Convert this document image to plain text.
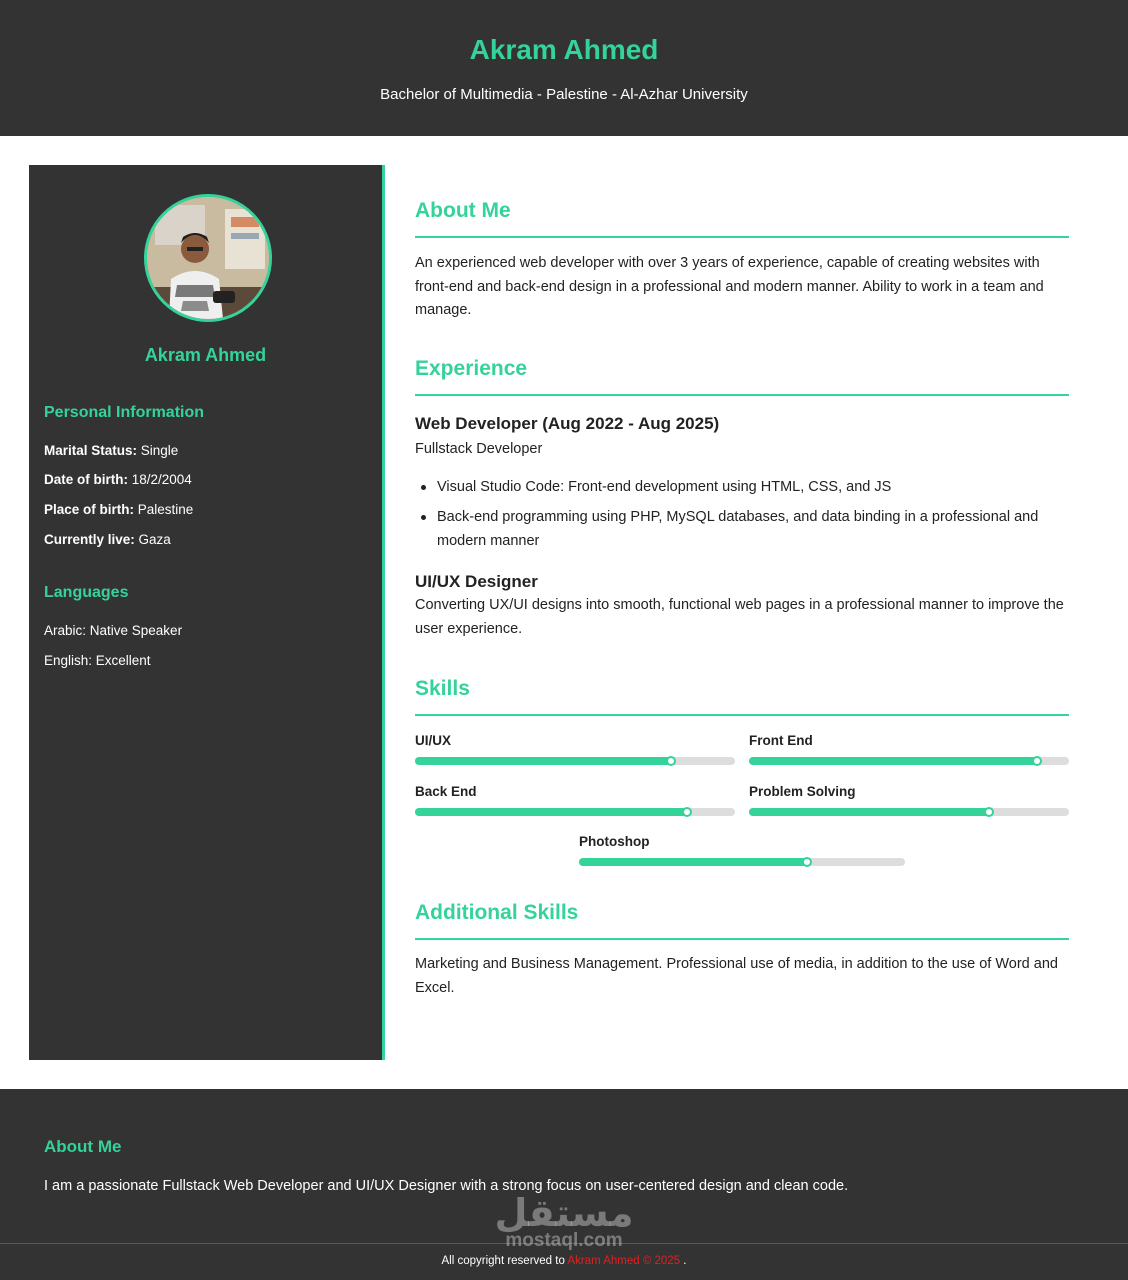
Akram Ahmed
Bachelor of Multimedia - Palestine - Al-Azhar University
Akram Ahmed
Personal Information
Marital Status: Single
Date of birth: 18/2/2004
Place of birth: Palestine
Currently live: Gaza
Languages
Arabic: Native Speaker
English: Excellent
About Me
An experienced web developer with over 3 years of experience, capable of creating websites with front-end and back-end design in a professional and modern manner. Ability to work in a team and manage.
Experience
Web Developer (Aug 2022 - Aug 2025)
Fullstack Developer
Visual Studio Code: Front-end development using HTML, CSS, and JS
Back-end programming using PHP, MySQL databases, and data binding in a professional and modern manner
UI/UX Designer
Converting UX/UI designs into smooth, functional web pages in a professional manner to improve the user experience.
Skills
UI/UX	Front End
Back End	Problem Solving
Photoshop
Additional Skills
Marketing and Business Management. Professional use of media, in addition to the use of Word and Excel.
About Me
I am a passionate Fullstack Web Developer and UI/UX Designer with a strong focus on user-centered design and clean code.
All copyright reserved to Akram Ahmed © 2025 .
مستقل
mostaql.com
